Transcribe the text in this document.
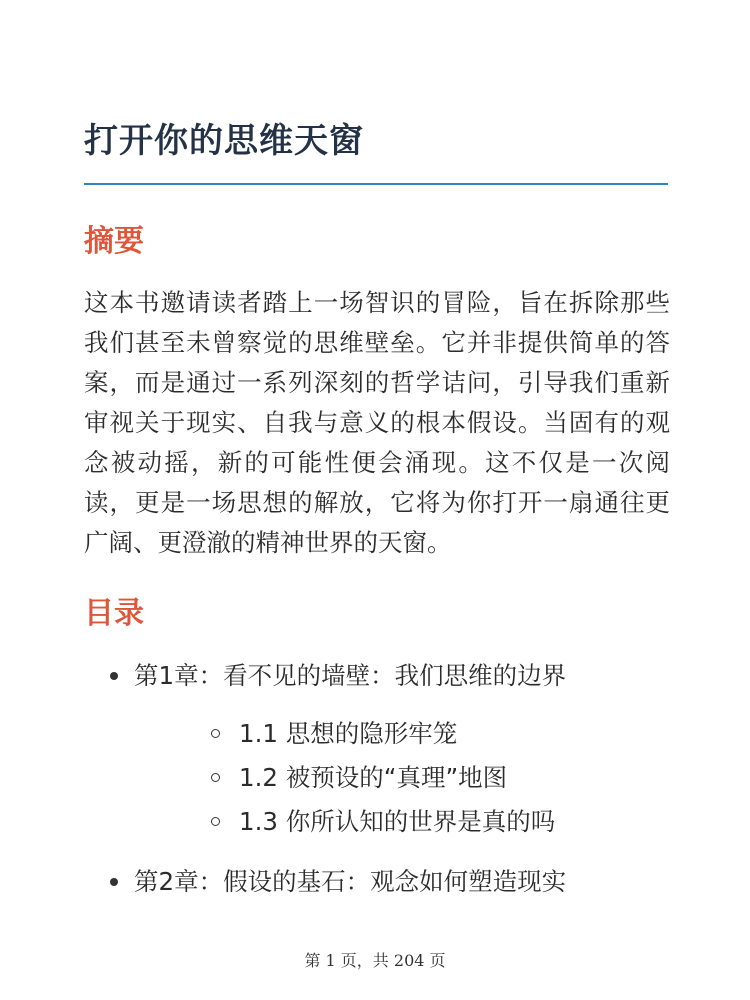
打开你的思维天窗
摘要

这本书邀请读者踏上一场智识的冒险，旨在拆除那些我们甚至未曾察觉的思维壁垒。它并非提供简单的答案，而是通过一系列深刻的哲学诘问，引导我们重新审视关于现实、自我与意义的根本假设。当固有的观念被动摇，新的可能性便会涌现。这不仅是一次阅读，更是一场思想的解放，它将为你打开一扇通往更广阔、更澄澈的精神世界的天窗。

目录
第1章：看不见的墙壁：我们思维的边界
1.1 思想的隐形牢笼
1.2 被预设的“真理”地图
1.3 你所认知的世界是真的吗
第2章：假设的基石：观念如何塑造现实
第 1 页，共 204 页
